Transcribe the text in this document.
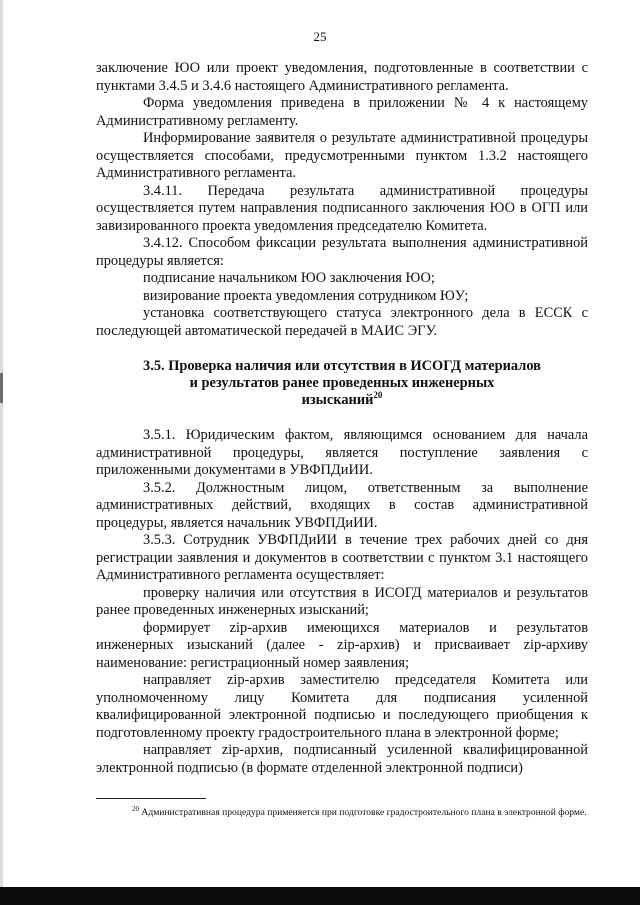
25

заключение ЮО или проект уведомления, подготовленные в соответствии с пунктами 3.4.5 и 3.4.6 настоящего Административного регламента.

Форма уведомления приведена в приложении № 4 к настоящему Административному регламенту.

Информирование заявителя о результате административной процедуры осуществляется способами, предусмотренными пунктом 1.3.2 настоящего Административного регламента.

3.4.11. Передача результата административной процедуры осуществляется путем направления подписанного заключения ЮО в ОГП или завизированного проекта уведомления председателю Комитета.

3.4.12. Способом фиксации результата выполнения административной процедуры является:

подписание начальником ЮО заключения ЮО;

визирование проекта уведомления сотрудником ЮУ;

установка соответствующего статуса электронного дела в ЕССК с последующей автоматической передачей в МАИС ЭГУ.

3.5. Проверка наличия или отсутствия в ИСОГД материалов
и результатов ранее проведенных инженерных
изысканий$^{20}$

3.5.1. Юридическим фактом, являющимся основанием для начала административной процедуры, является поступление заявления с приложенными документами в УВФПДиИИ.

3.5.2. Должностным лицом, ответственным за выполнение административных действий, входящих в состав административной процедуры, является начальник УВФПДиИИ.

3.5.3. Сотрудник УВФПДиИИ в течение трех рабочих дней со дня регистрации заявления и документов в соответствии с пунктом 3.1 настоящего Административного регламента осуществляет:

проверку наличия или отсутствия в ИСОГД материалов и результатов ранее проведенных инженерных изысканий;

формирует zip-архив имеющихся материалов и результатов инженерных изысканий (далее - zip-архив) и присваивает zip-архиву наименование: регистрационный номер заявления;

направляет zip-архив заместителю председателя Комитета или уполномоченному лицу Комитета для подписания усиленной квалифицированной электронной подписью и последующего приобщения к подготовленному проекту градостроительного плана в электронной форме;

направляет zip-архив, подписанный усиленной квалифицированной электронной подписью (в формате отделенной электронной подписи)

$^{20}$ Административная процедура применяется при подготовке градостроительного плана в электронной форме.
